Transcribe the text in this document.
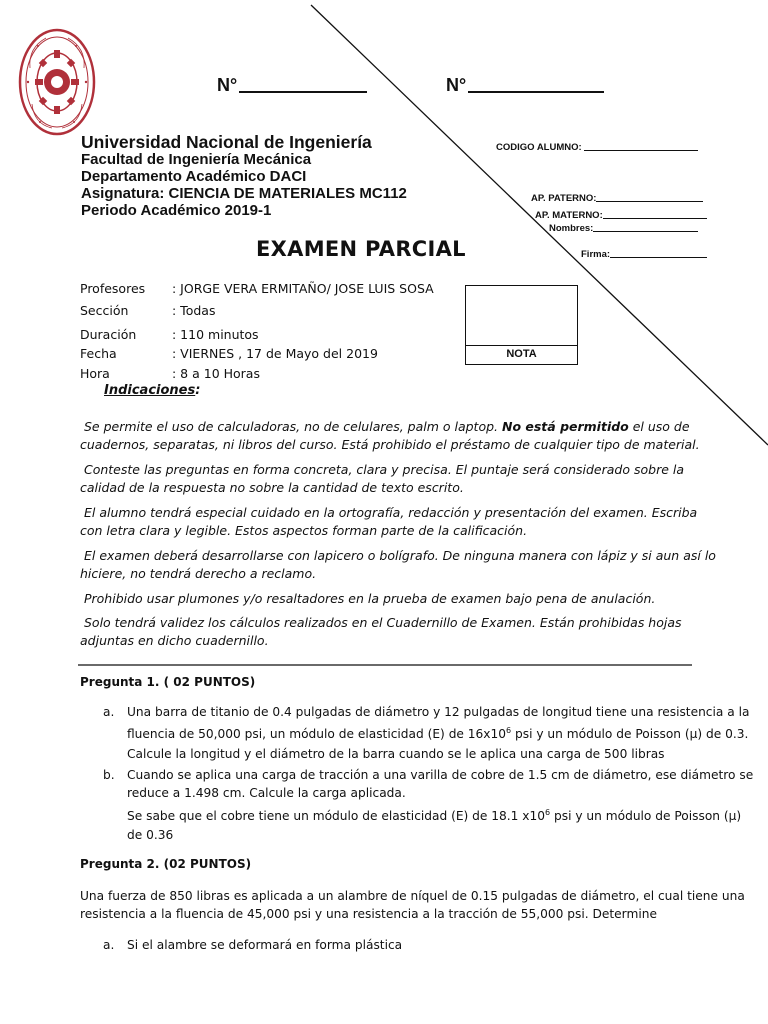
N°	N°
Universidad Nacional de Ingeniería
Facultad de Ingeniería Mecánica
Departamento Académico DACI
Asignatura: CIENCIA DE MATERIALES MC112
Periodo Académico 2019-1
CODIGO ALUMNO:
AP. PATERNO:
AP. MATERNO:
Nombres:
Firma:
EXAMEN PARCIAL
Profesores : JORGE VERA ERMITAÑO/ JOSE LUIS SOSA
Sección	: Todas
Duración	: 110 minutos
Fecha	: VIERNES , 17 de Mayo del 2019
Hora	: 8 a 10 Horas
NOTA
Indicaciones:
Se permite el uso de calculadoras, no de celulares, palm o laptop. No está permitido el uso de cuadernos, separatas, ni libros del curso. Está prohibido el préstamo de cualquier tipo de material.
Conteste las preguntas en forma concreta, clara y precisa. El puntaje será considerado sobre la calidad de la respuesta no sobre la cantidad de texto escrito.
El alumno tendrá especial cuidado en la ortografía, redacción y presentación del examen. Escriba con letra clara y legible. Estos aspectos forman parte de la calificación.
El examen deberá desarrollarse con lapicero o bolígrafo. De ninguna manera con lápiz y si aun así lo hiciere, no tendrá derecho a reclamo.
Prohibido usar plumones y/o resaltadores en la prueba de examen bajo pena de anulación.
Solo tendrá validez los cálculos realizados en el Cuadernillo de Examen. Están prohibidas hojas adjuntas en dicho cuadernillo.
Pregunta 1. ( 02 PUNTOS)
a. Una barra de titanio de 0.4 pulgadas de diámetro y 12 pulgadas de longitud tiene una resistencia a la
fluencia de 50,000 psi, un módulo de elasticidad (E) de $16x10^6$ psi y un módulo de Poisson (μ) de 0.3.
Calcule la longitud y el diámetro de la barra cuando se le aplica una carga de 500 libras
b. Cuando se aplica una carga de tracción a una varilla de cobre de 1.5 cm de diámetro, ese diámetro se
reduce a 1.498 cm. Calcule la carga aplicada.
Se sabe que el cobre tiene un módulo de elasticidad (E) de 18.1 $x10^6$ psi y un módulo de Poisson (μ)
de 0.36
Pregunta 2. (02 PUNTOS)
Una fuerza de 850 libras es aplicada a un alambre de níquel de 0.15 pulgadas de diámetro, el cual tiene una
resistencia a la fluencia de 45,000 psi y una resistencia a la tracción de 55,000 psi. Determine
a. Si el alambre se deformará en forma plástica
